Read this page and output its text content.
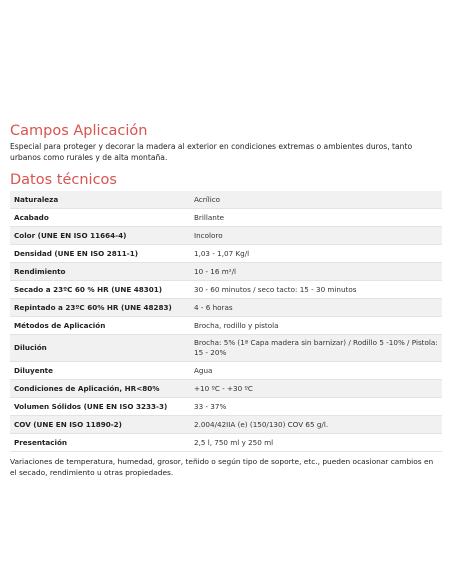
Campos Aplicación

Especial para proteger y decorar la madera al exterior en condiciones extremas o ambientes duros, tanto urbanos como rurales y de alta montaña.

Datos técnicos
Naturaleza	Acrílico
Acabado	Brillante
Color (UNE EN ISO 11664-4)	Incoloro
Densidad (UNE EN ISO 2811-1)	1,03 - 1,07 Kg/l
Rendimiento	10 - 16 m²/l
Secado a 23ºC 60 % HR (UNE 48301)	30 - 60 minutos / seco tacto: 15 - 30 minutos
Repintado a 23ºC 60% HR (UNE 48283)	4 - 6 horas
Métodos de Aplicación	Brocha, rodillo y pistola
Dilución	Brocha: 5% (1ª Capa madera sin barnizar) / Rodillo 5 -10% / Pistola: 15 - 20%
Diluyente	Agua
Condiciones de Aplicación, HR<80%	+10 ºC - +30 ºC
Volumen Sólidos (UNE EN ISO 3233-3)	33 - 37%
COV (UNE EN ISO 11890-2)	2.004/42IIA (e) (150/130) COV 65 g/l.
Presentación	2,5 l, 750 ml y 250 ml

Variaciones de temperatura, humedad, grosor, teñido o según tipo de soporte, etc., pueden ocasionar cambios en el secado, rendimiento u otras propiedades.
